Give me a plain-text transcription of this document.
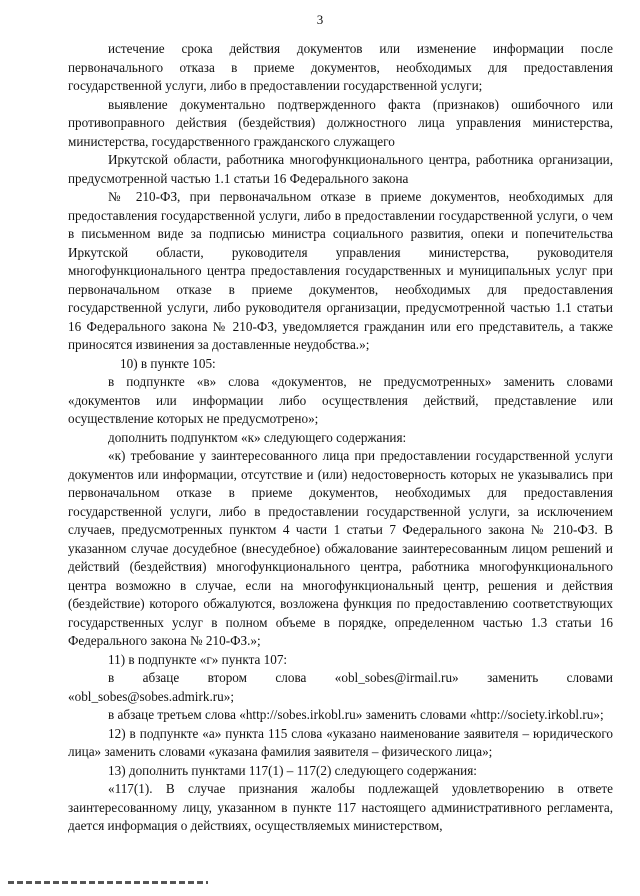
3

истечение срока действия документов или изменение информации после первоначального отказа в приеме документов, необходимых для предоставления государственной услуги, либо в предоставлении государственной услуги;

выявление документально подтвержденного факта (признаков) ошибочного или противоправного действия (бездействия) должностного лица управления министерства, министерства, государственного гражданского служащего

Иркутской области, работника многофункционального центра, работника организации, предусмотренной частью 1.1 статьи 16 Федерального закона

№ 210-ФЗ, при первоначальном отказе в приеме документов, необходимых для предоставления государственной услуги, либо в предоставлении государственной услуги, о чем в письменном виде за подписью министра социального развития, опеки и попечительства Иркутской области, руководителя управления министерства, руководителя многофункционального центра предоставления государственных и муниципальных услуг при первоначальном отказе в приеме документов, необходимых для предоставления государственной услуги, либо руководителя организации, предусмотренной частью 1.1 статьи 16 Федерального закона № 210-ФЗ, уведомляется гражданин или его представитель, а также приносятся извинения за доставленные неудобства.»;

10) в пункте 105:

в подпункте «в» слова «документов, не предусмотренных» заменить словами «документов или информации либо осуществления действий, представление или осуществление которых не предусмотрено»;

дополнить подпунктом «к» следующего содержания:

«к) требование у заинтересованного лица при предоставлении государственной услуги документов или информации, отсутствие и (или) недостоверность которых не указывались при первоначальном отказе в приеме документов, необходимых для предоставления государственной услуги, либо в предоставлении государственной услуги, за исключением случаев, предусмотренных пунктом 4 части 1 статьи 7 Федерального закона № 210-ФЗ. В указанном случае досудебное (внесудебное) обжалование заинтересованным лицом решений и действий (бездействия) многофункционального центра, работника многофункционального центра возможно в случае, если на многофункциональный центр, решения и действия (бездействие) которого обжалуются, возложена функция по предоставлению соответствующих государственных услуг в полном объеме в порядке, определенном частью 1.3 статьи 16 Федерального закона № 210-ФЗ.»;

11) в подпункте «г» пункта 107:

в абзаце втором слова «obl_sobes@irmail.ru» заменить словами «obl_sobes@sobes.admirk.ru»;

в абзаце третьем слова «http://sobes.irkobl.ru» заменить словами «http://society.irkobl.ru»;

12) в подпункте «а» пункта 115 слова «указано наименование заявителя – юридического лица» заменить словами «указана фамилия заявителя – физического лица»;

13) дополнить пунктами 117(1) – 117(2) следующего содержания:

«117(1). В случае признания жалобы подлежащей удовлетворению в ответе заинтересованному лицу, указанном в пункте 117 настоящего административного регламента, дается информация о действиях, осуществляемых министерством,
